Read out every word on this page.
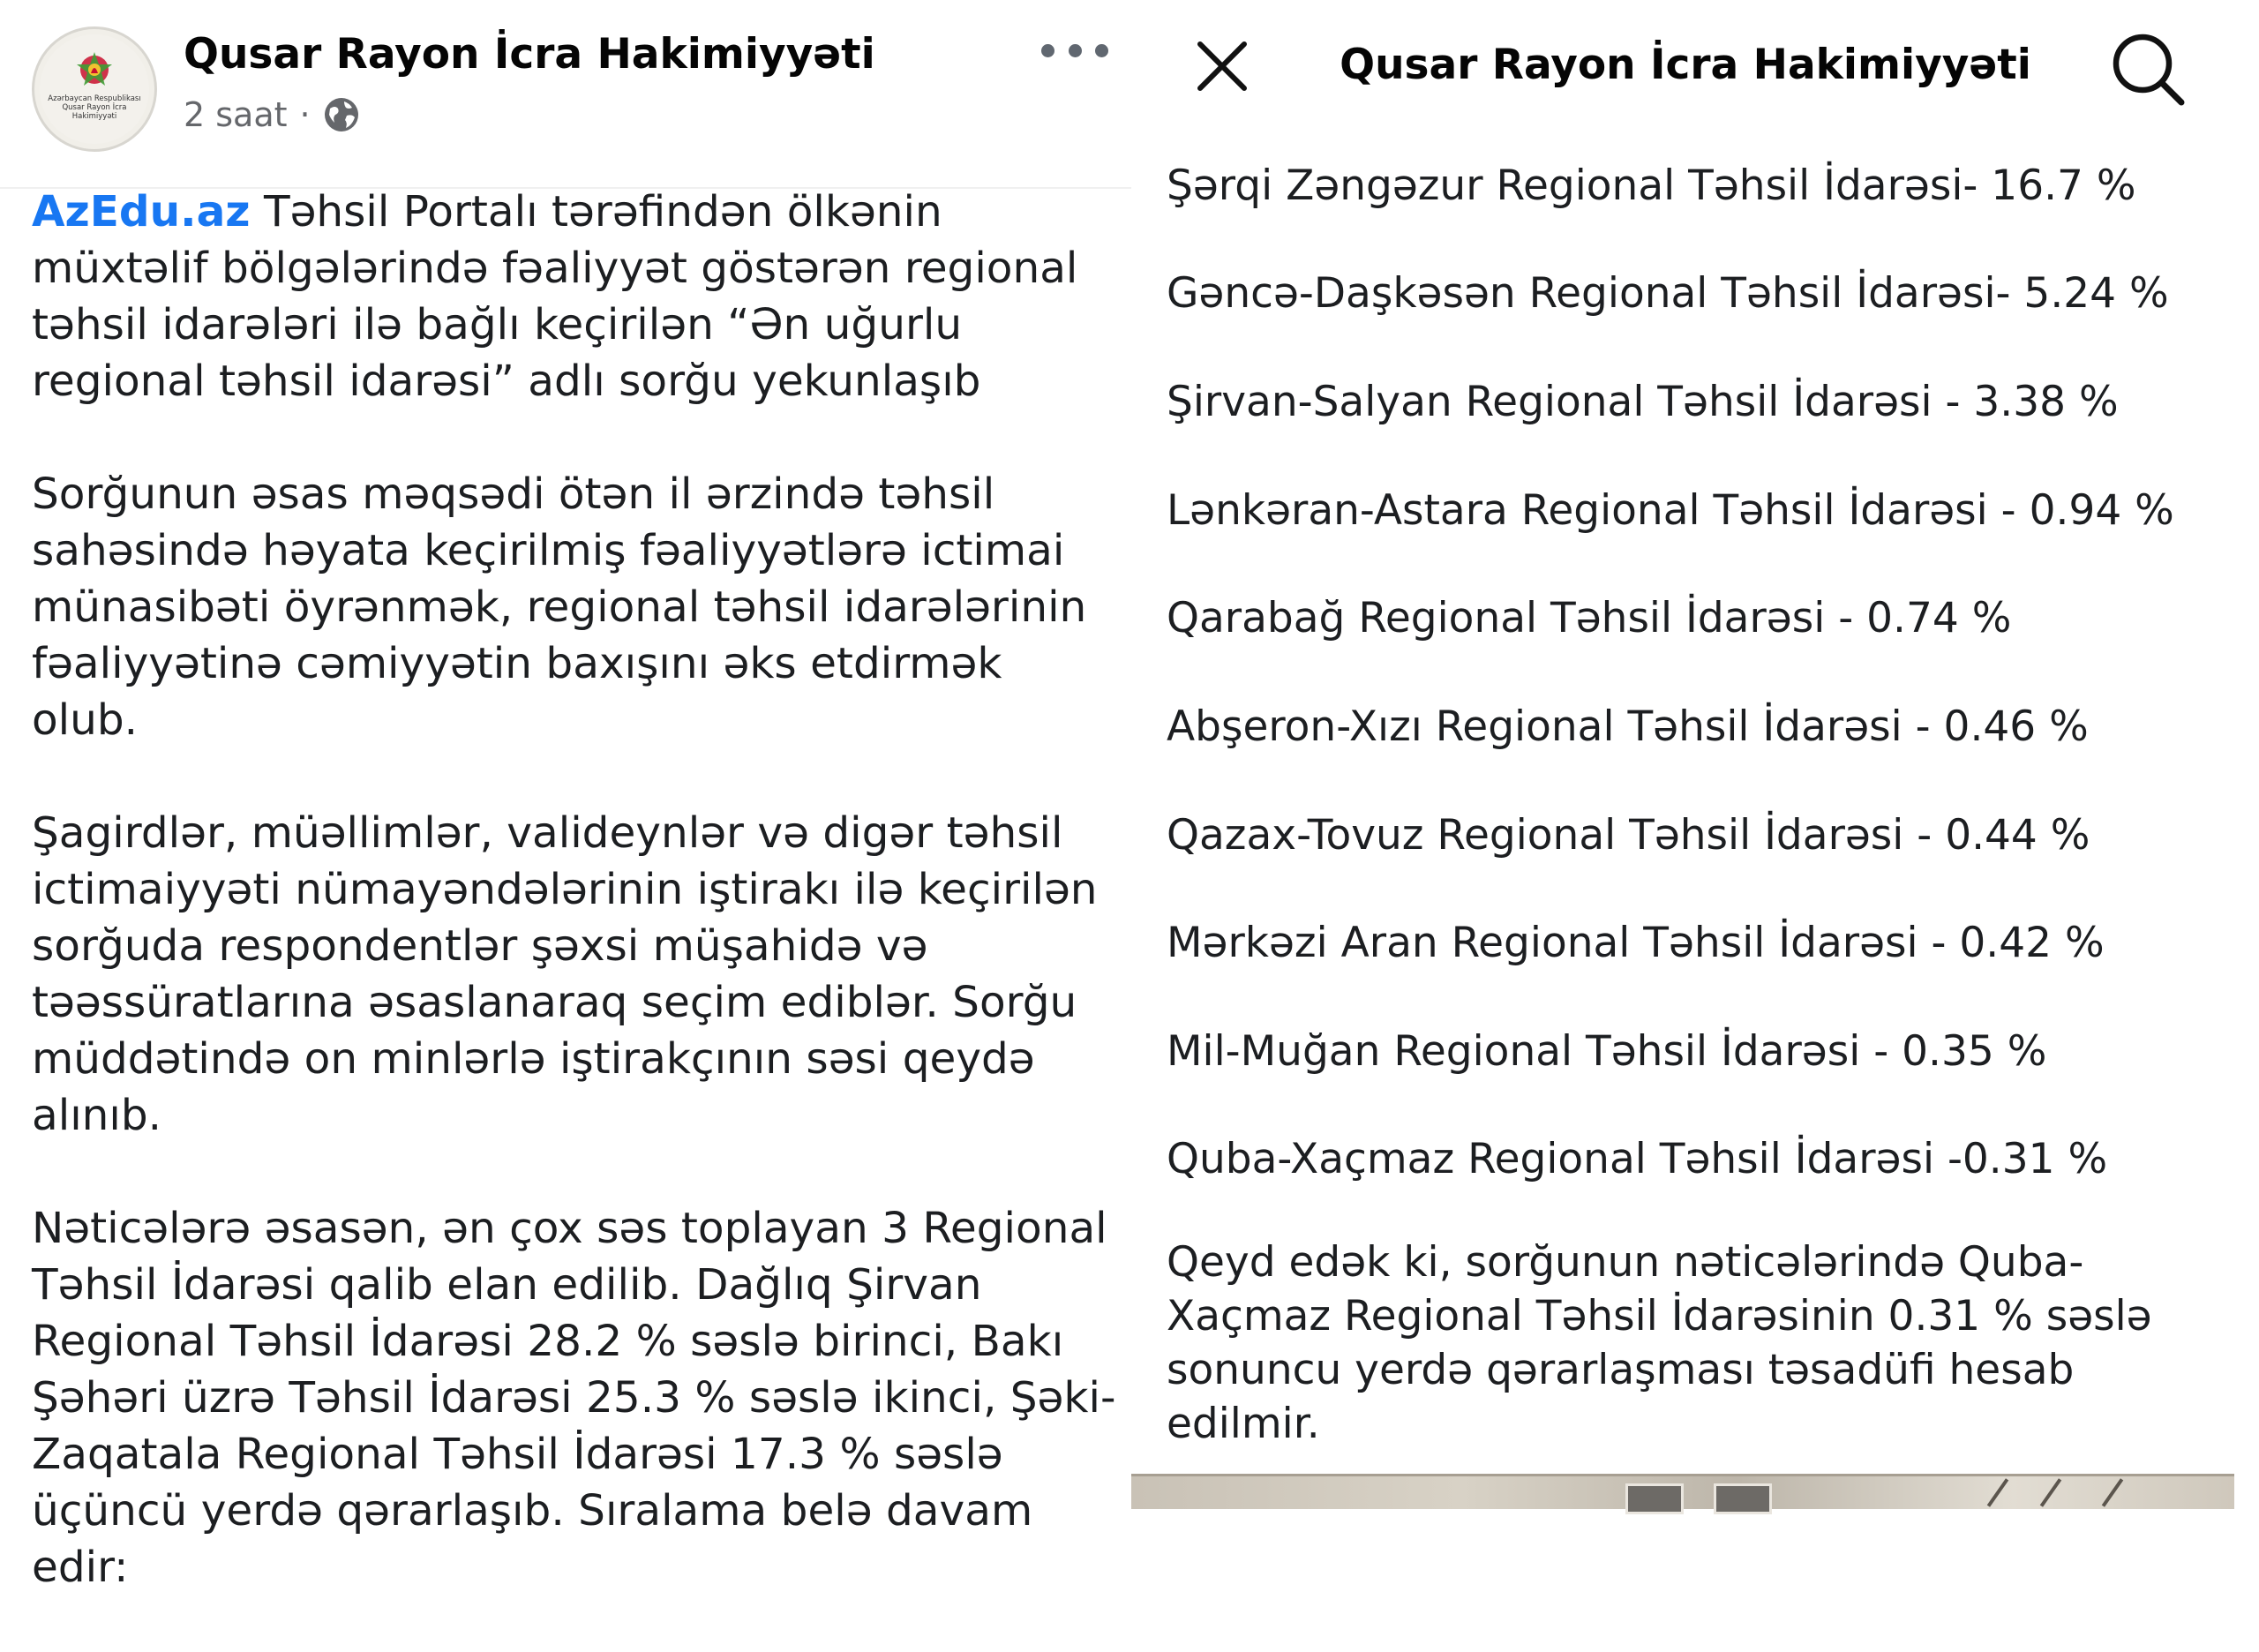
Azərbaycan Respublikası Qusar Rayon İcra Hakimiyyəti
Qusar Rayon İcra Hakimiyyəti
2 saat ·

AzEdu.az Təhsil Portalı tərəfindən ölkənin müxtəlif bölgələrində fəaliyyət göstərən regional təhsil idarələri ilə bağlı keçirilən “Ən uğurlu regional təhsil idarəsi” adlı sorğu yekunlaşıb

Sorğunun əsas məqsədi ötən il ərzində təhsil sahəsində həyata keçirilmiş fəaliyyətlərə ictimai münasibəti öyrənmək, regional təhsil idarələrinin fəaliyyətinə cəmiyyətin baxışını əks etdirmək olub.

Şagirdlər, müəllimlər, valideynlər və digər təhsil ictimaiyyəti nümayəndələrinin iştirakı ilə keçirilən sorğuda respondentlər şəxsi müşahidə və təəssüratlarına əsaslanaraq seçim ediblər. Sorğu müddətində on minlərlə iştirakçının səsi qeydə alınıb.

Nəticələrə əsasən, ən çox səs toplayan 3 Regional Təhsil İdarəsi qalib elan edilib. Dağlıq Şirvan Regional Təhsil İdarəsi 28.2 % səslə birinci, Bakı Şəhəri üzrə Təhsil İdarəsi 25.3 % səslə ikinci, Şəki-Zaqatala Regional Təhsil İdarəsi 17.3 % səslə üçüncü yerdə qərarlaşıb. Sıralama belə davam edir:

Qusar Rayon İcra Hakimiyyəti
Şərqi Zəngəzur Regional Təhsil İdarəsi- 16.7 %
Gəncə-Daşkəsən Regional Təhsil İdarəsi- 5.24 %
Şirvan-Salyan Regional Təhsil İdarəsi - 3.38 %
Lənkəran-Astara Regional Təhsil İdarəsi - 0.94 %
Qarabağ Regional Təhsil İdarəsi - 0.74 %
Abşeron-Xızı Regional Təhsil İdarəsi - 0.46 %
Qazax-Tovuz Regional Təhsil İdarəsi - 0.44 %
Mərkəzi Aran Regional Təhsil İdarəsi - 0.42 %
Mil-Muğan Regional Təhsil İdarəsi - 0.35 %
Quba-Xaçmaz Regional Təhsil İdarəsi -0.31 %
Qeyd edək ki, sorğunun nəticələrində Quba-Xaçmaz Regional Təhsil İdarəsinin 0.31 % səslə sonuncu yerdə qərarlaşması təsadüfi hesab edilmir.
